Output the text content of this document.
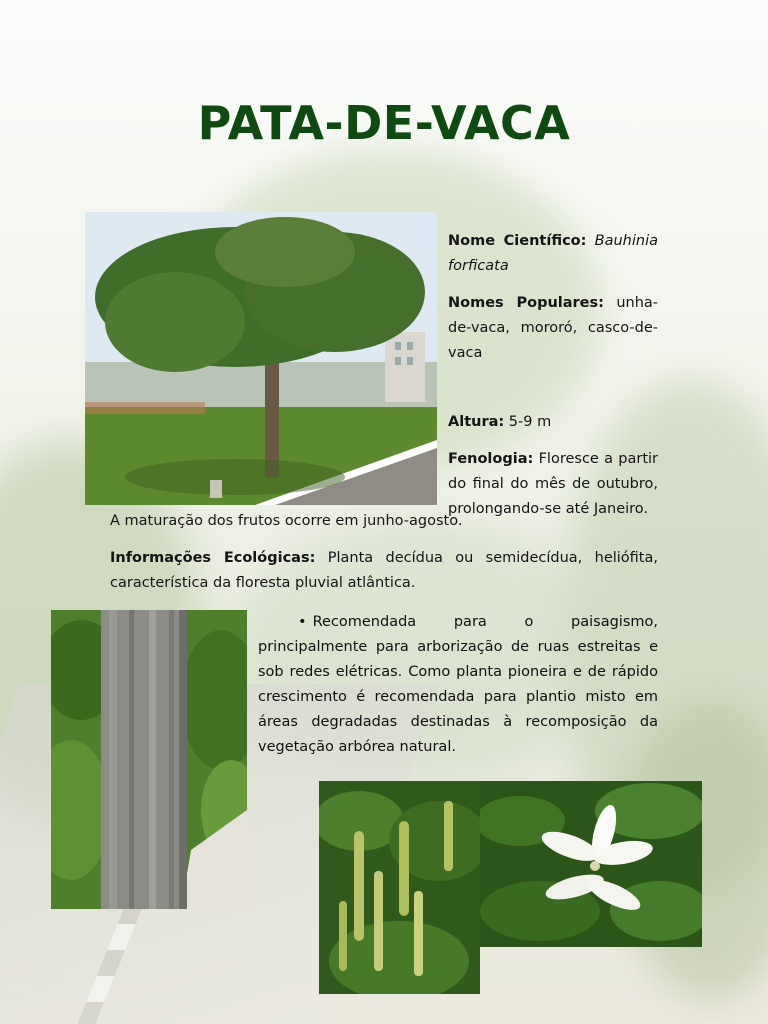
PATA-DE-VACA

Nome Científico: Bauhinia forficata

Nomes Populares: unha-de-vaca, mororó, casco-de-vaca

Altura: 5-9 m

Fenologia: Floresce a partir do final do mês de outubro, prolongando-se até Janeiro.

A maturação dos frutos ocorre em junho-agosto.

Informações Ecológicas: Planta decídua ou semidecídua, heliófita, característica da floresta pluvial atlântica.

• Recomendada para o paisagismo, principalmente para arborização de ruas estreitas e sob redes elétricas. Como planta pioneira e de rápido crescimento é recomendada para plantio misto em áreas degradadas destinadas à recomposição da vegetação arbórea natural.
